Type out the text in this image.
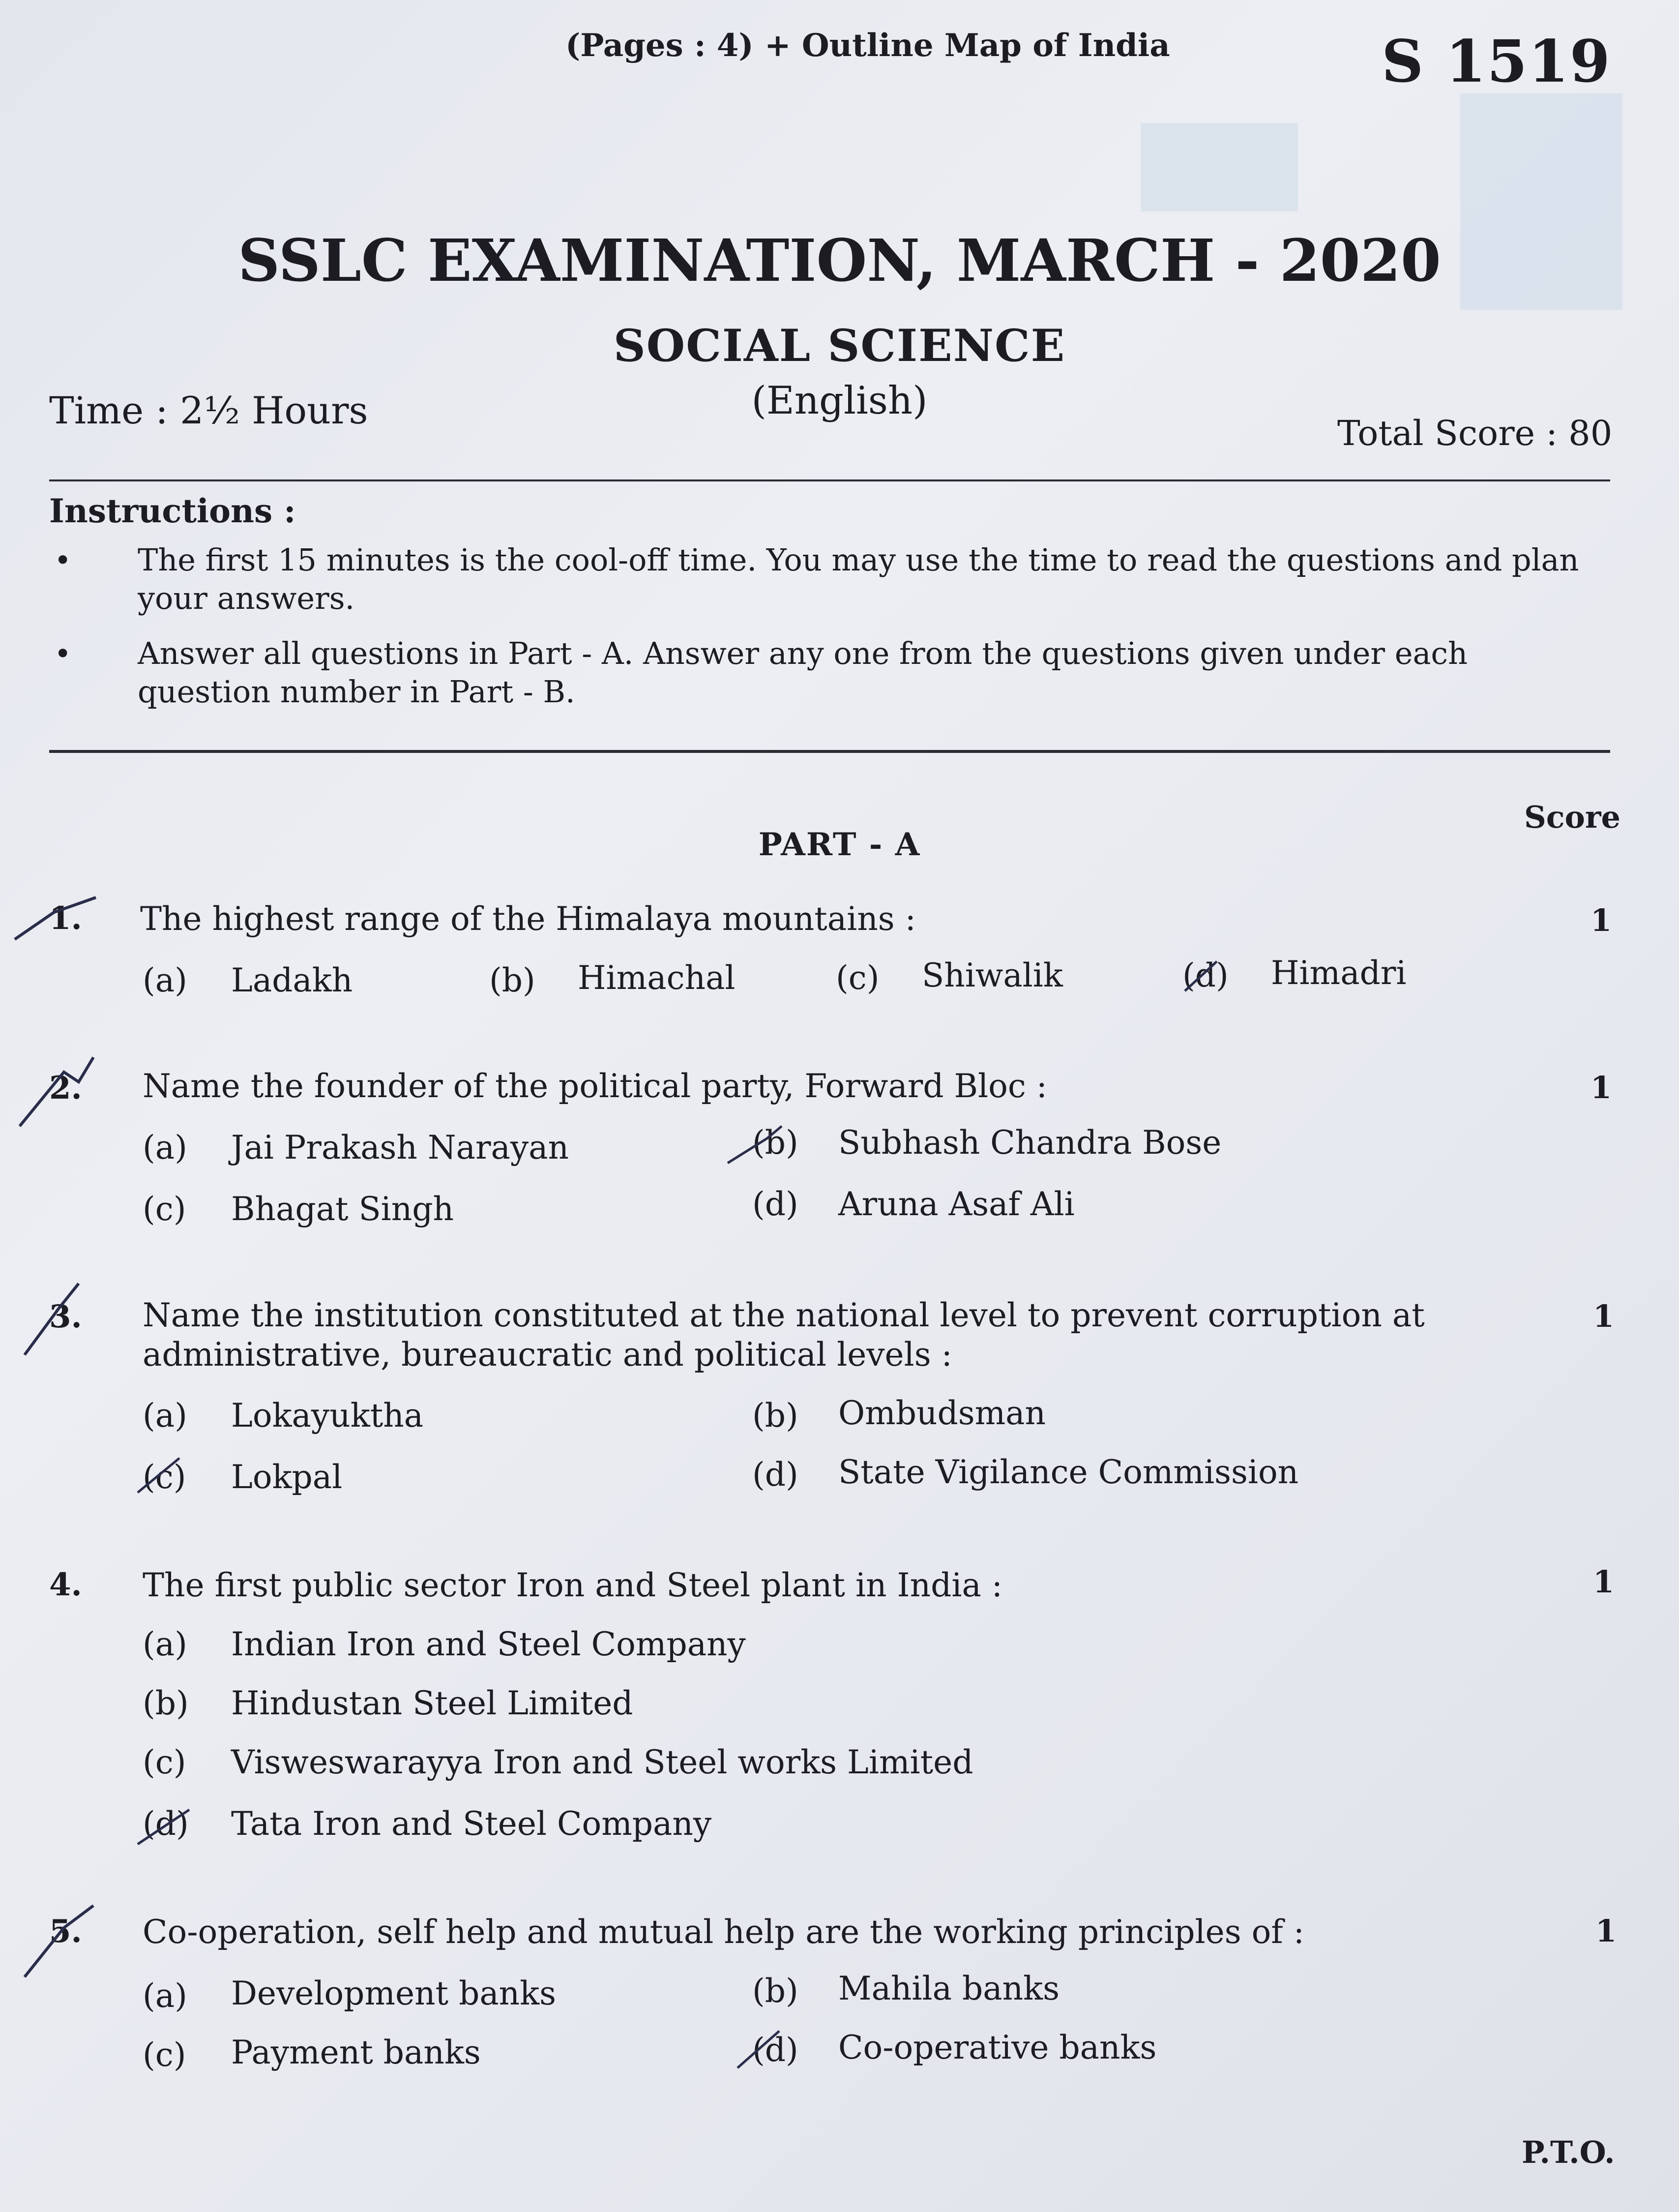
(Pages : 4) + Outline Map of India	S 1519
SSLC EXAMINATION, MARCH - 2020
SOCIAL SCIENCE
(English)
Time : 2½ Hours
Total Score : 80
Instructions :
• The first 15 minutes is the cool-off time. You may use the time to read the questions and plan your answers.
• Answer all questions in Part - A. Answer any one from the questions given under each question number in Part - B.
Score
PART - A
1. The highest range of the Himalaya mountains :	1
(a) Ladakh	(b) Himachal	(c) Shiwalik	(d) Himadri
2. Name the founder of the political party, Forward Bloc :	1
(a) Jai Prakash Narayan	(b) Subhash Chandra Bose
(c) Bhagat Singh	(d) Aruna Asaf Ali
3. Name the institution constituted at the national level to prevent corruption at administrative, bureaucratic and political levels :
1
(a) Lokayuktha	(b) Ombudsman
(c) Lokpal	(d) State Vigilance Commission
4. The first public sector Iron and Steel plant in India :	1
(a) Indian Iron and Steel Company
(b) Hindustan Steel Limited
(c) Visweswarayya Iron and Steel works Limited
(d) Tata Iron and Steel Company
5. Co-operation, self help and mutual help are the working principles of :	1
(a) Development banks	(b) Mahila banks
(c) Payment banks	(d) Co-operative banks
P.T.O.
